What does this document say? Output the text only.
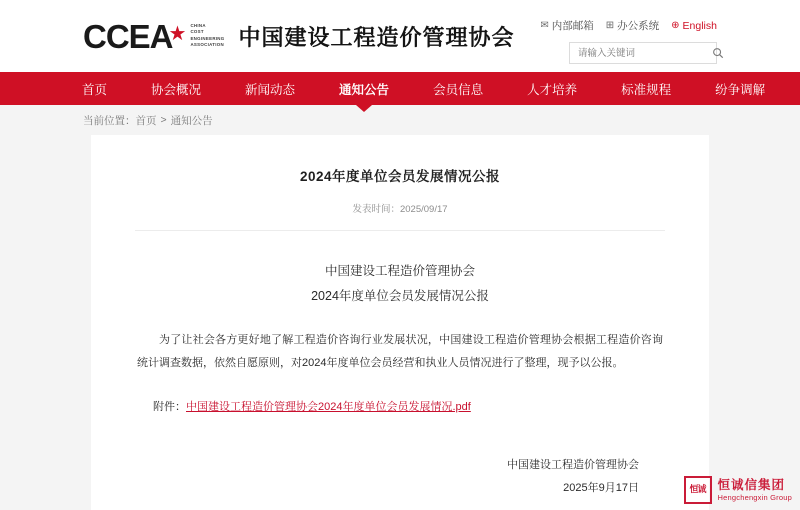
CCEA
★ CHINA
COST
ENGINEERING
ASSOCIATION 中国建设工程造价管理协会	✉ 内部邮箱 ⊞ 办公系统 ⊕ English
请输入关键词
首页	协会概况	新闻动态	通知公告	会员信息	人才培养	标准规程	纷争调解
当前位置： 首页 > 通知公告
2024年度单位会员发展情况公报
发表时间：2025/09/17
中国建设工程造价管理协会
2024年度单位会员发展情况公报
为了让社会各方更好地了解工程造价咨询行业发展状况，中国建设工程造价管理协会根据工程造价咨询统计调查数据，依然自愿原则，对2024年度单位会员经营和执业人员情况进行了整理，现予以公报。
附件：中国建设工程造价管理协会2024年度单位会员发展情况.pdf
中国建设工程造价管理协会
2025年9月17日	恒诚 恒诚信集团
Hengchengxin Group
